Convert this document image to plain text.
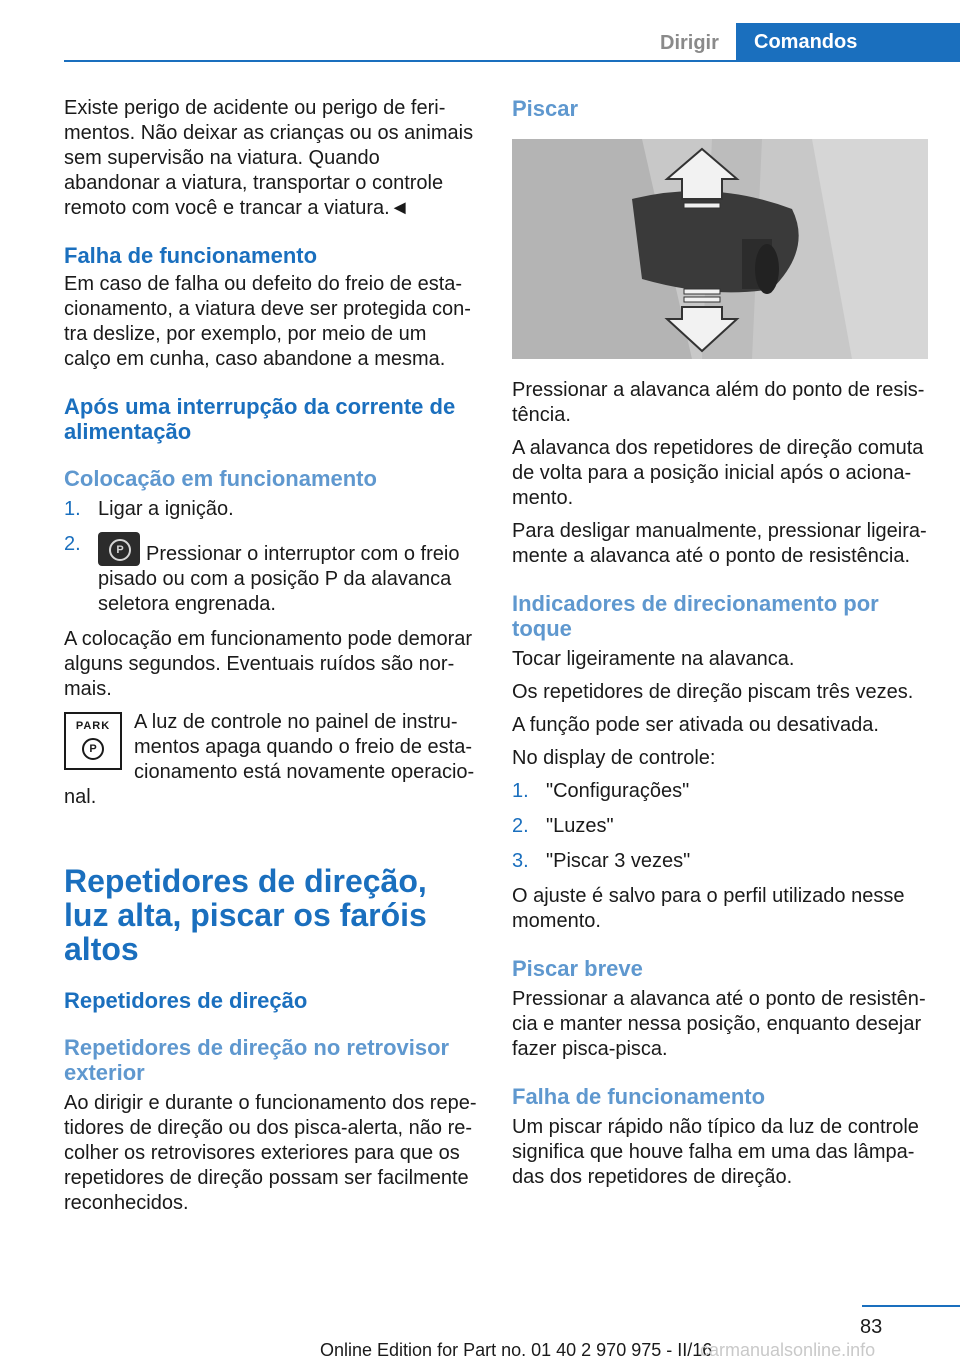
Dirigir	Comandos

Existe perigo de acidente ou perigo de ferimentos. Não deixar as crianças ou os animais sem supervisão na viatura. Quando abandonar a viatura, transportar o controle remoto com você e trancar a viatura.◄

Falha de funcionamento

Em caso de falha ou defeito do freio de estacionamento, a viatura deve ser protegida contra deslize, por exemplo, por meio de um calço em cunha, caso abandone a mesma.

Após uma interrupção da corrente de alimentação
Colocação em funcionamento
1. Ligar a ignição.
2.	P	Pressionar o interruptor com o freio pisado ou com a posição P da alavanca seletora engrenada.

A colocação em funcionamento pode demorar alguns segundos. Eventuais ruídos são normais.

PARK
P

A luz de controle no painel de instrumentos apaga quando o freio de estacionamento está novamente operacional.

Repetidores de direção, luz alta, piscar os faróis altos
Repetidores de direção
Repetidores de direção no retrovisor exterior

Ao dirigir e durante o funcionamento dos repetidores de direção ou dos pisca-alerta, não recolher os retrovisores exteriores para que os repetidores de direção possam ser facilmente reconhecidos.

Piscar

Pressionar a alavanca além do ponto de resistência.

A alavanca dos repetidores de direção comuta de volta para a posição inicial após o acionamento.

Para desligar manualmente, pressionar ligeiramente a alavanca até o ponto de resistência.

Indicadores de direcionamento por toque

Tocar ligeiramente na alavanca.

Os repetidores de direção piscam três vezes.

A função pode ser ativada ou desativada.

No display de controle:

1. "Configurações"
2. "Luzes"
3. "Piscar 3 vezes"

O ajuste é salvo para o perfil utilizado nesse momento.

Piscar breve

Pressionar a alavanca até o ponto de resistência e manter nessa posição, enquanto desejar fazer pisca-pisca.

Falha de funcionamento

Um piscar rápido não típico da luz de controle significa que houve falha em uma das lâmpadas dos repetidores de direção.

83
Online Edition for Part no. 01 40 2 970 975 - II/16
carmanualsonline.info
